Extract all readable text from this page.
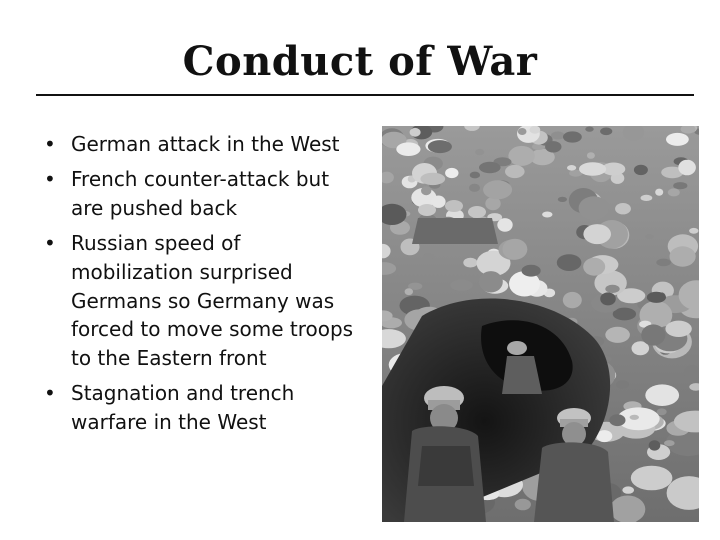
Conduct of War
• German attack in the West
• French counter-attack but are pushed back
• Russian speed of mobilization surprised Germans so Germany was forced to move some troops to the Eastern front
• Stagnation and trench warfare in the West
